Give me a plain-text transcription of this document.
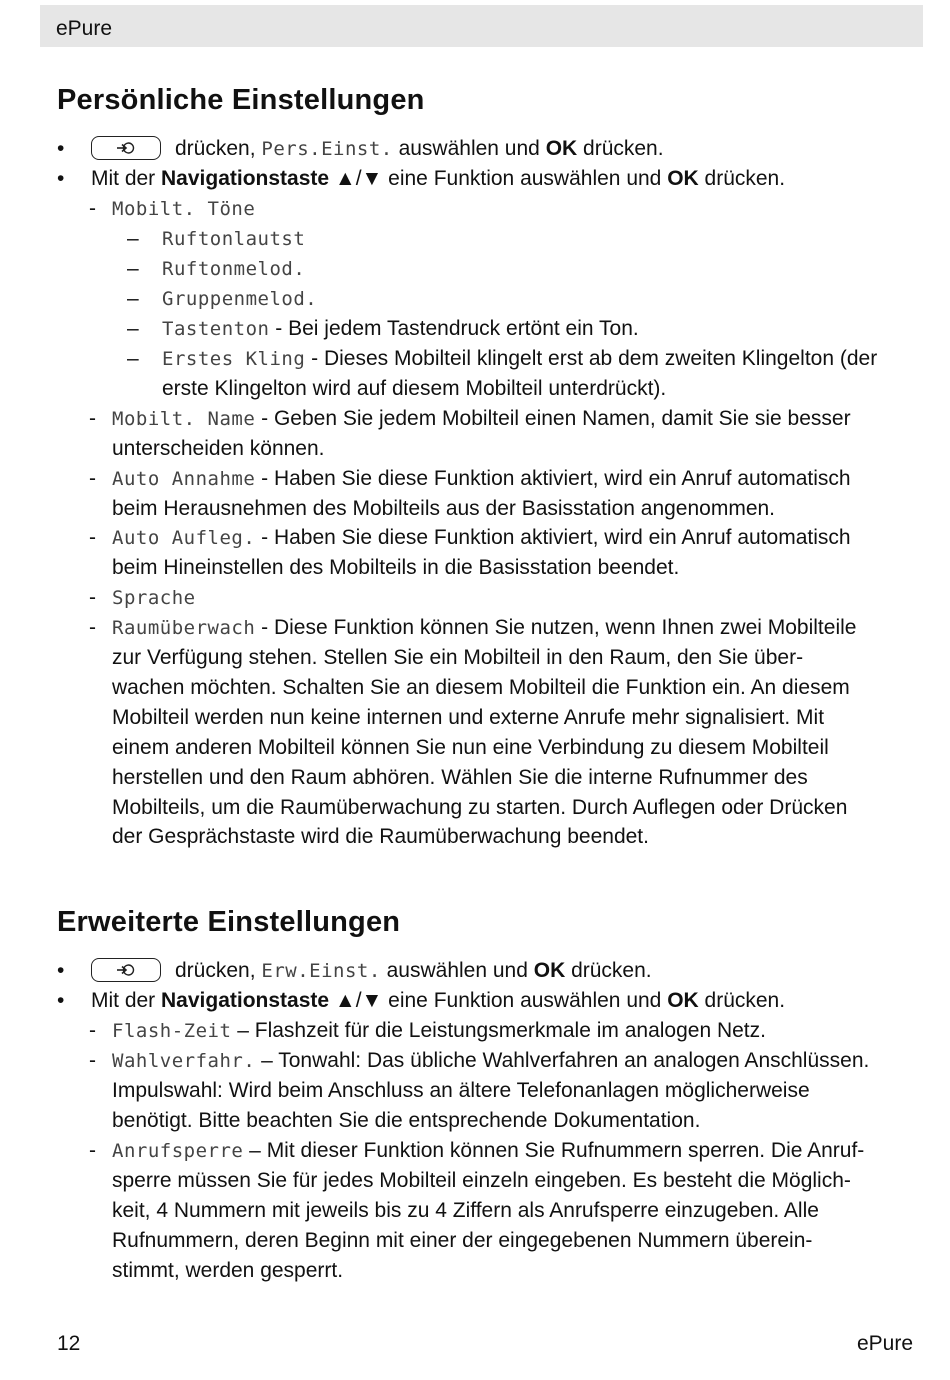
ePure
Persönliche Einstellungen
•	drücken, Pers.Einst. auswählen und OK drücken.
• Mit der Navigationstaste ▲/▼ eine Funktion auswählen und OK drücken.
- Mobilt. Töne
– Ruftonlautst
– Ruftonmelod.
– Gruppenmelod.
– Tastenton - Bei jedem Tastendruck ertönt ein Ton.
– Erstes Kling - Dieses Mobilteil klingelt erst ab dem zweiten Klingelton (der
erste Klingelton wird auf diesem Mobilteil unterdrückt).
- Mobilt. Name - Geben Sie jedem Mobilteil einen Namen, damit Sie sie besser
unterscheiden können.
- Auto Annahme - Haben Sie diese Funktion aktiviert, wird ein Anruf automatisch
beim Herausnehmen des Mobilteils aus der Basisstation angenommen.
- Auto Aufleg. - Haben Sie diese Funktion aktiviert, wird ein Anruf automatisch
beim Hineinstellen des Mobilteils in die Basisstation beendet.
- Sprache
- Raumüberwach - Diese Funktion können Sie nutzen, wenn Ihnen zwei Mobilteile
zur Verfügung stehen. Stellen Sie ein Mobilteil in den Raum, den Sie über-
wachen möchten. Schalten Sie an diesem Mobilteil die Funktion ein. An diesem
Mobilteil werden nun keine internen und externe Anrufe mehr signalisiert. Mit
einem anderen Mobilteil können Sie nun eine Verbindung zu diesem Mobilteil
herstellen und den Raum abhören. Wählen Sie die interne Rufnummer des
Mobilteils, um die Raumüberwachung zu starten. Durch Auflegen oder Drücken
der Gesprächstaste wird die Raumüberwachung beendet.
Erweiterte Einstellungen
•	drücken, Erw.Einst. auswählen und OK drücken.
• Mit der Navigationstaste ▲/▼ eine Funktion auswählen und OK drücken.
- Flash-Zeit – Flashzeit für die Leistungsmerkmale im analogen Netz.
- Wahlverfahr. – Tonwahl: Das übliche Wahlverfahren an analogen Anschlüssen.
Impulswahl: Wird beim Anschluss an ältere Telefonanlagen möglicherweise
benötigt. Bitte beachten Sie die entsprechende Dokumentation.
- Anrufsperre – Mit dieser Funktion können Sie Rufnummern sperren. Die Anruf-
sperre müssen Sie für jedes Mobilteil einzeln eingeben. Es besteht die Möglich-
keit, 4 Nummern mit jeweils bis zu 4 Ziffern als Anrufsperre einzugeben. Alle
Rufnummern, deren Beginn mit einer der eingegebenen Nummern überein-
stimmt, werden gesperrt.
12	ePure
